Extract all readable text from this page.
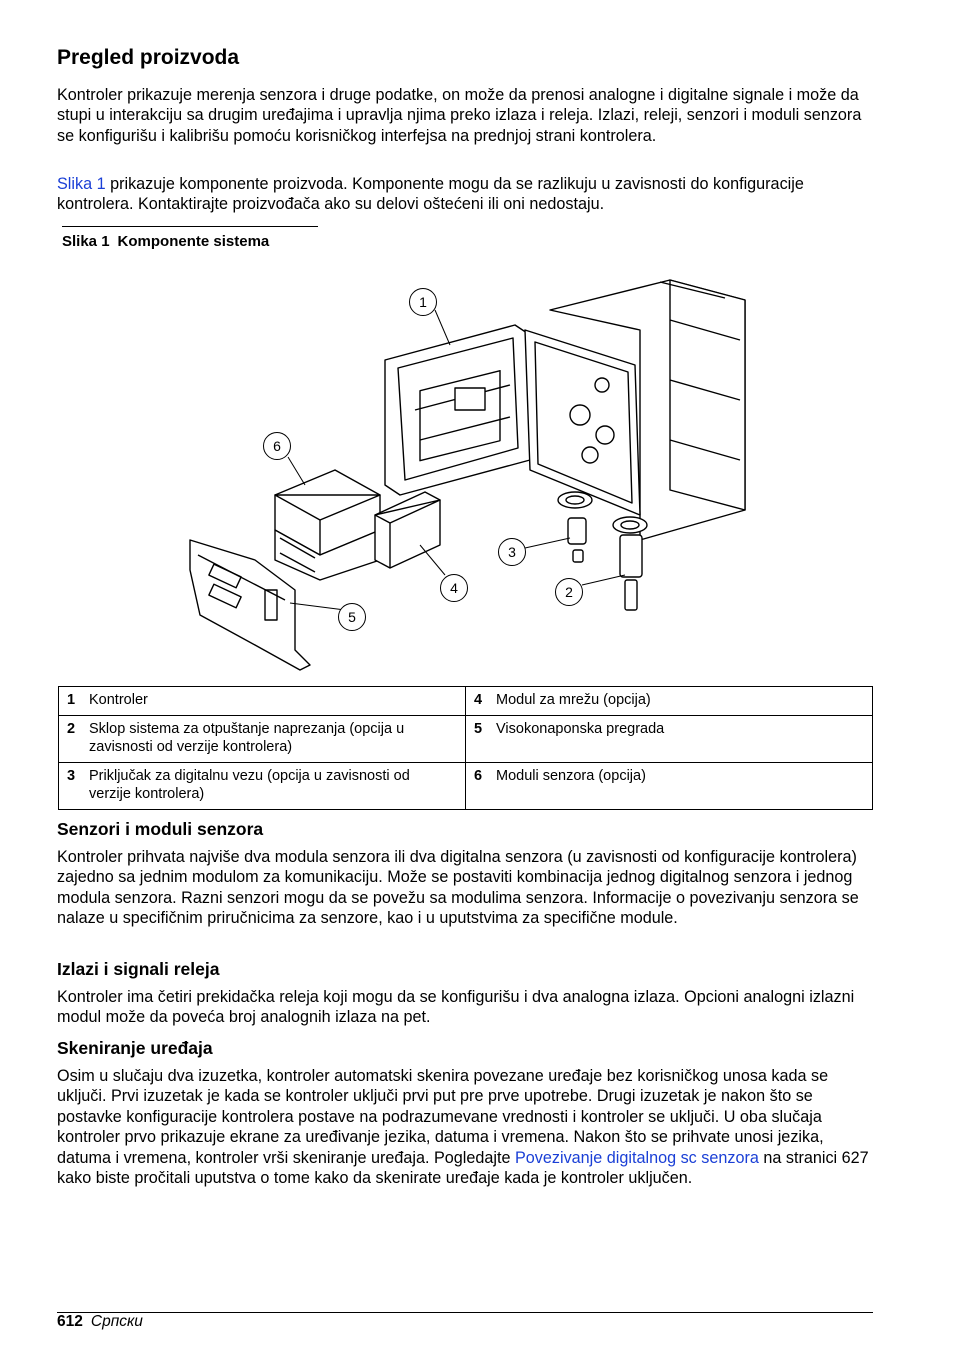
Pregled proizvoda

Kontroler prikazuje merenja senzora i druge podatke, on može da prenosi analogne i digitalne signale i može da stupi u interakciju sa drugim uređajima i upravlja njima preko izlaza i releja. Izlazi, releji, senzori i moduli senzora se konfigurišu i kalibrišu pomoću korisničkog interfejsa na prednjoj strani kontrolera.

Slika 1 prikazuje komponente proizvoda. Komponente mogu da se razlikuju u zavisnosti do konfiguracije kontrolera. Kontaktirajte proizvođača ako su delovi oštećeni ili oni nedostaju.

Slika 1 Komponente sistema
1
2
3
4
5
6
1 Kontroler	4 Modul za mrežu (opcija)
2 Sklop sistema za otpuštanje naprezanja (opcija u zavisnosti od verzije kontrolera)	5 Visokonaponska pregrada
3 Priključak za digitalnu vezu (opcija u zavisnosti od verzije kontrolera)	6 Moduli senzora (opcija)
Senzori i moduli senzora

Kontroler prihvata najviše dva modula senzora ili dva digitalna senzora (u zavisnosti od konfiguracije kontrolera) zajedno sa jednim modulom za komunikaciju. Može se postaviti kombinacija jednog digitalnog senzora i jednog modula senzora. Razni senzori mogu da se povežu sa modulima senzora. Informacije o povezivanju senzora se nalaze u specifičnim priručnicima za senzore, kao i u uputstvima za specifične module.

Izlazi i signali releja

Kontroler ima četiri prekidačka releja koji mogu da se konfigurišu i dva analogna izlaza. Opcioni analogni izlazni modul može da poveća broj analognih izlaza na pet.

Skeniranje uređaja

Osim u slučaju dva izuzetka, kontroler automatski skenira povezane uređaje bez korisničkog unosa kada se uključi. Prvi izuzetak je kada se kontroler uključi prvi put pre prve upotrebe. Drugi izuzetak je nakon što se postavke konfiguracije kontrolera postave na podrazumevane vrednosti i kontroler se uključi. U oba slučaja kontroler prvo prikazuje ekrane za uređivanje jezika, datuma i vremena. Nakon što se prihvate unosi jezika, datuma i vremena, kontroler vrši skeniranje uređaja. Pogledajte Povezivanje digitalnog sc senzora na stranici 627 kako biste pročitali uputstva o tome kako da skenirate uređaje kada je kontroler uključen.

612 Српски
